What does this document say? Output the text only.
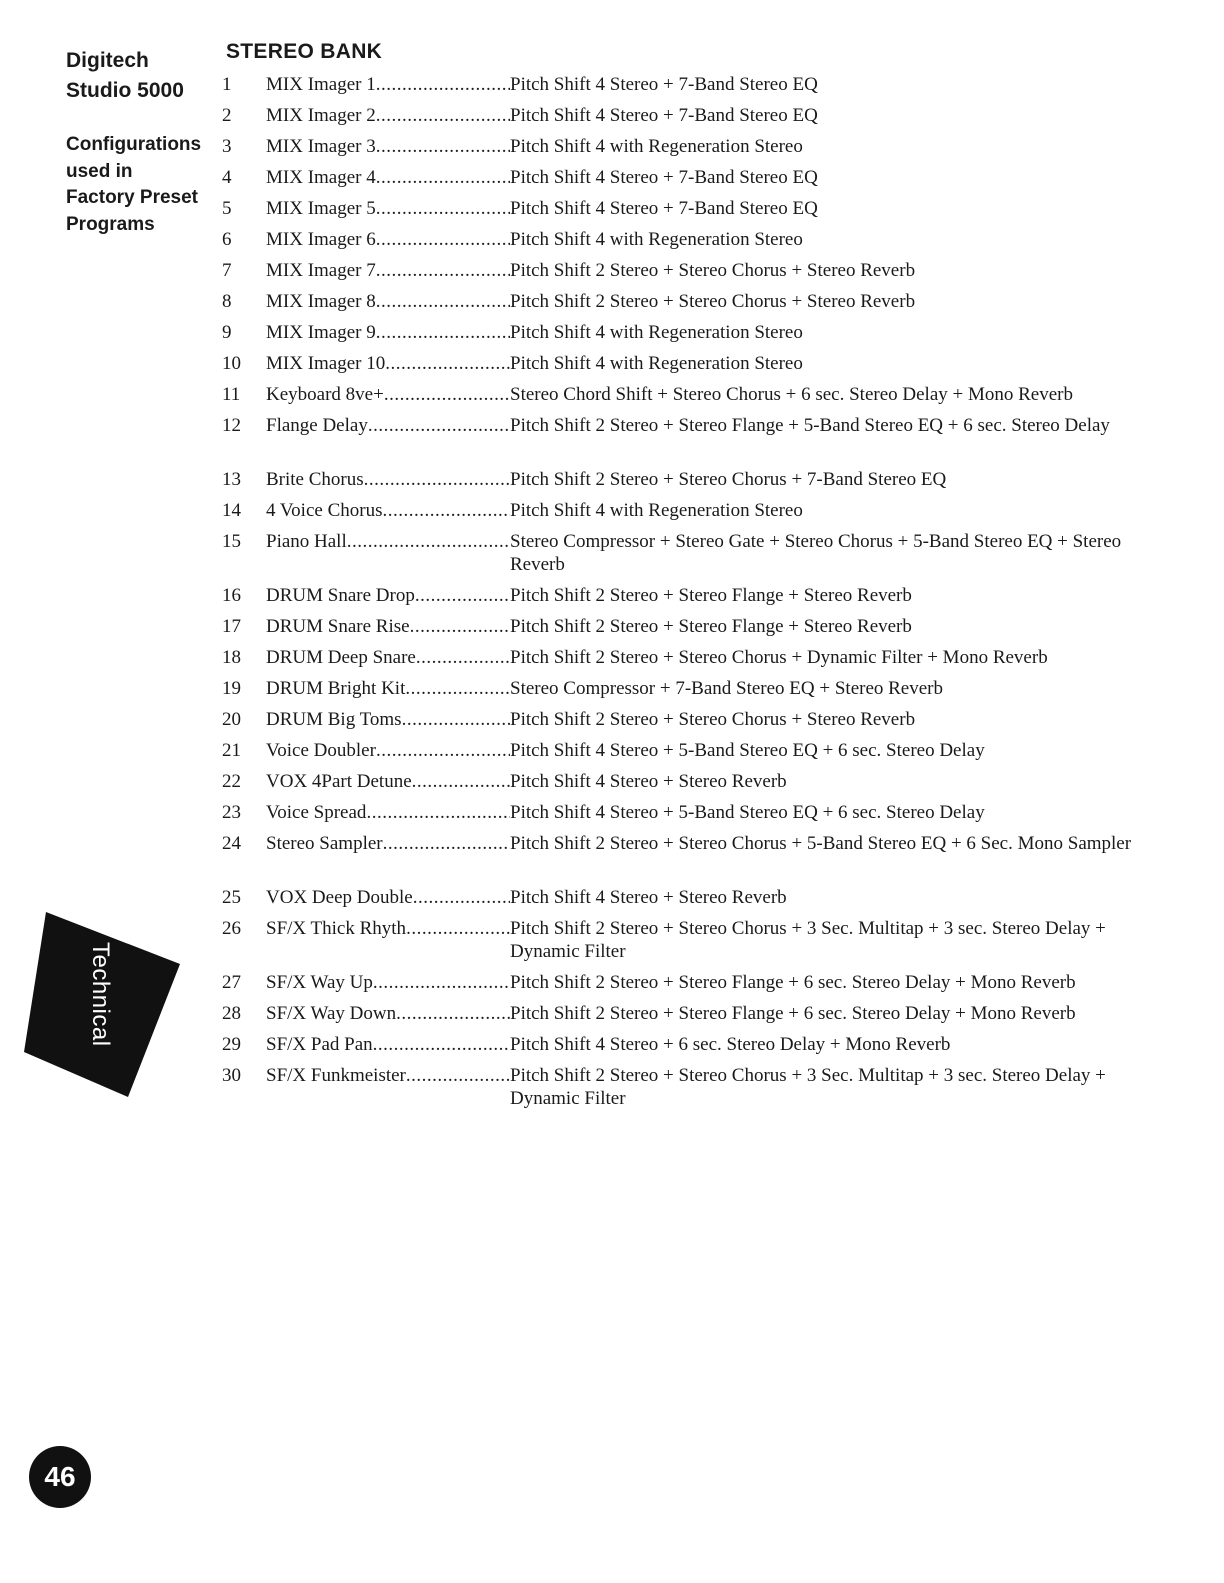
Digitech
Studio 5000
Configurations
used in
Factory Preset
Programs
STEREO BANK
1	MIX Imager 1 .....	Pitch Shift 4 Stereo + 7-Band Stereo EQ
2	MIX Imager 2 .....	Pitch Shift 4 Stereo + 7-Band Stereo EQ
3	MIX Imager 3 .....	Pitch Shift 4 with Regeneration Stereo
4	MIX Imager 4 .....	Pitch Shift 4 Stereo + 7-Band Stereo EQ
5	MIX Imager 5 .....	Pitch Shift 4 Stereo + 7-Band Stereo EQ
6	MIX Imager 6 .....	Pitch Shift 4 with Regeneration Stereo
7	MIX Imager 7 .....	Pitch Shift 2 Stereo + Stereo Chorus + Stereo Reverb
8	MIX Imager 8 .....	Pitch Shift 2 Stereo + Stereo Chorus + Stereo Reverb
9	MIX Imager 9 .....	Pitch Shift 4 with Regeneration Stereo
10	MIX Imager 10 .....	Pitch Shift 4 with Regeneration Stereo
11	Keyboard 8ve+ .....	Stereo Chord Shift + Stereo Chorus + 6 sec. Stereo Delay + Mono Reverb
12	Flange Delay .....	Pitch Shift 2 Stereo + Stereo Flange + 5-Band Stereo EQ + 6 sec. Stereo Delay
13	Brite Chorus .....	Pitch Shift 2 Stereo + Stereo Chorus + 7-Band Stereo EQ
14	4 Voice Chorus .....	Pitch Shift 4 with Regeneration Stereo
15	Piano Hall .....	Stereo Compressor + Stereo Gate + Stereo Chorus + 5-Band Stereo EQ + Stereo Reverb
16	DRUM Snare Drop .....	Pitch Shift 2 Stereo + Stereo Flange + Stereo Reverb
17	DRUM Snare Rise .....	Pitch Shift 2 Stereo + Stereo Flange + Stereo Reverb
18	DRUM Deep Snare .....	Pitch Shift 2 Stereo + Stereo Chorus + Dynamic Filter + Mono Reverb
19	DRUM Bright Kit .....	Stereo Compressor + 7-Band Stereo EQ + Stereo Reverb
20	DRUM Big Toms .....	Pitch Shift 2 Stereo + Stereo Chorus + Stereo Reverb
21	Voice Doubler .....	Pitch Shift 4 Stereo + 5-Band Stereo EQ + 6 sec. Stereo Delay
22	VOX 4Part Detune .....	Pitch Shift 4 Stereo + Stereo Reverb
23	Voice Spread .....	Pitch Shift 4 Stereo + 5-Band Stereo EQ + 6 sec. Stereo Delay
24	Stereo Sampler .....	Pitch Shift 2 Stereo + Stereo Chorus + 5-Band Stereo EQ + 6 Sec. Mono Sampler
25	VOX Deep Double .....	Pitch Shift 4 Stereo + Stereo Reverb
26	SF/X Thick Rhyth .....	Pitch Shift 2 Stereo + Stereo Chorus + 3 Sec. Multitap + 3 sec. Stereo Delay + Dynamic Filter
27	SF/X Way Up .....	Pitch Shift 2 Stereo + Stereo Flange + 6 sec. Stereo Delay + Mono Reverb
28	SF/X Way Down .....	Pitch Shift 2 Stereo + Stereo Flange + 6 sec. Stereo Delay + Mono Reverb
29	SF/X Pad Pan .....	Pitch Shift 4 Stereo + 6 sec. Stereo Delay + Mono Reverb
30	SF/X Funkmeister .....	Pitch Shift 2 Stereo + Stereo Chorus + 3 Sec. Multitap + 3 sec. Stereo Delay + Dynamic Filter
Technical
46
